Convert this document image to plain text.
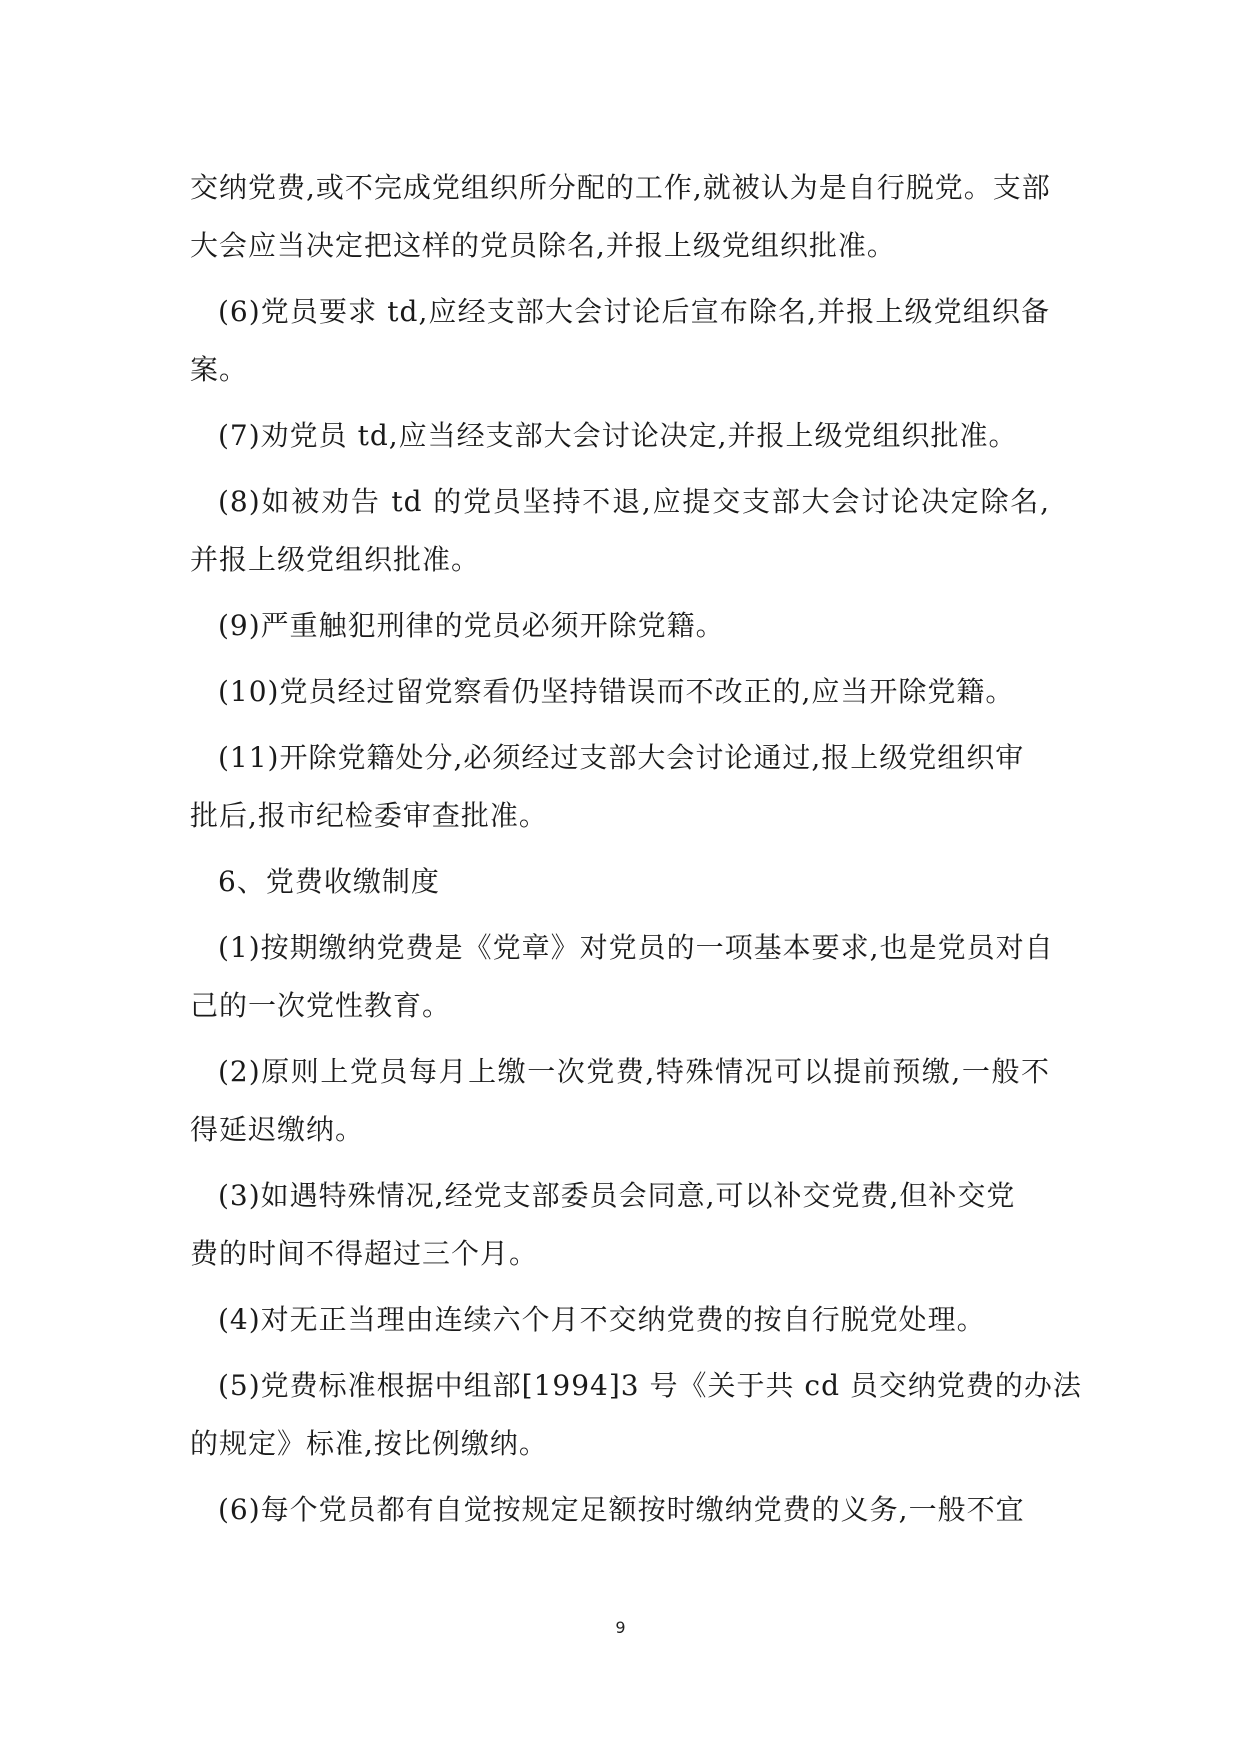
交纳党费,或不完成党组织所分配的工作,就被认为是自行脱党。支部
大会应当决定把这样的党员除名,并报上级党组织批准。
(6)党员要求 td,应经支部大会讨论后宣布除名,并报上级党组织备
案。
(7)劝党员 td,应当经支部大会讨论决定,并报上级党组织批准。
(8)如被劝告 td 的党员坚持不退,应提交支部大会讨论决定除名,
并报上级党组织批准。
(9)严重触犯刑律的党员必须开除党籍。
(10)党员经过留党察看仍坚持错误而不改正的,应当开除党籍。
(11)开除党籍处分,必须经过支部大会讨论通过,报上级党组织审
批后,报市纪检委审查批准。
6、党费收缴制度
(1)按期缴纳党费是《党章》对党员的一项基本要求,也是党员对自
己的一次党性教育。
(2)原则上党员每月上缴一次党费,特殊情况可以提前预缴,一般不
得延迟缴纳。
(3)如遇特殊情况,经党支部委员会同意,可以补交党费,但补交党
费的时间不得超过三个月。
(4)对无正当理由连续六个月不交纳党费的按自行脱党处理。
(5)党费标准根据中组部[1994]3 号《关于共 cd 员交纳党费的办法
的规定》标准,按比例缴纳。
(6)每个党员都有自觉按规定足额按时缴纳党费的义务,一般不宜
9
